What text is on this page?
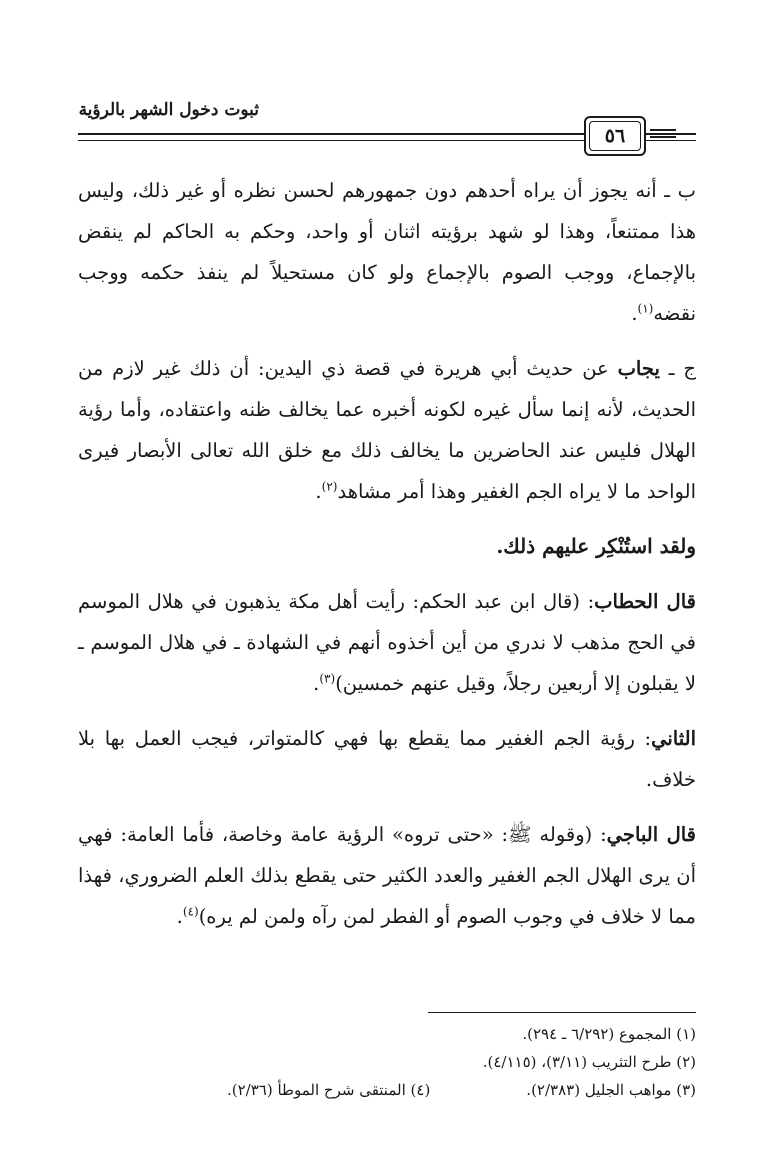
ثبوت دخول الشهر بالرؤية
٥٦

ب ـ أنه يجوز أن يراه أحدهم دون جمهورهم لحسن نظره أو غير ذلك، وليس هذا ممتنعاً، وهذا لو شهد برؤيته اثنان أو واحد، وحكم به الحاكم لم ينقض بالإجماع، ووجب الصوم بالإجماع ولو كان مستحيلاً لم ينفذ حكمه ووجب نقضه$^{(١)}$.

ج ـ يجاب عن حديث أبي هريرة في قصة ذي اليدين: أن ذلك غير لازم من الحديث، لأنه إنما سأل غيره لكونه أخبره عما يخالف ظنه واعتقاده، وأما رؤية الهلال فليس عند الحاضرين ما يخالف ذلك مع خلق الله تعالى الأبصار فيرى الواحد ما لا يراه الجم الغفير وهذا أمر مشاهد$^{(٢)}$.

ولقد استُنْكِر عليهم ذلك.

قال الحطاب: (قال ابن عبد الحكم: رأيت أهل مكة يذهبون في هلال الموسم في الحج مذهب لا ندري من أين أخذوه أنهم في الشهادة ـ في هلال الموسم ـ لا يقبلون إلا أربعين رجلاً، وقيل عنهم خمسين)$^{(٣)}$.

الثاني: رؤية الجم الغفير مما يقطع بها فهي كالمتواتر، فيجب العمل بها بلا خلاف.

قال الباجي: (وقوله ﷺ: «حتى تروه» الرؤية عامة وخاصة، فأما العامة: فهي أن يرى الهلال الجم الغفير والعدد الكثير حتى يقطع بذلك العلم الضروري، فهذا مما لا خلاف في وجوب الصوم أو الفطر لمن رآه ولمن لم يره)$^{(٤)}$.

(١) المجموع (٦/٢٩٢ ـ ٢٩٤).
(٢) طرح التثريب (٣/١١)، (٤/١١٥).
(٣) مواهب الجليل (٢/٣٨٣).
(٤) المنتقى شرح الموطأ (٢/٣٦).
